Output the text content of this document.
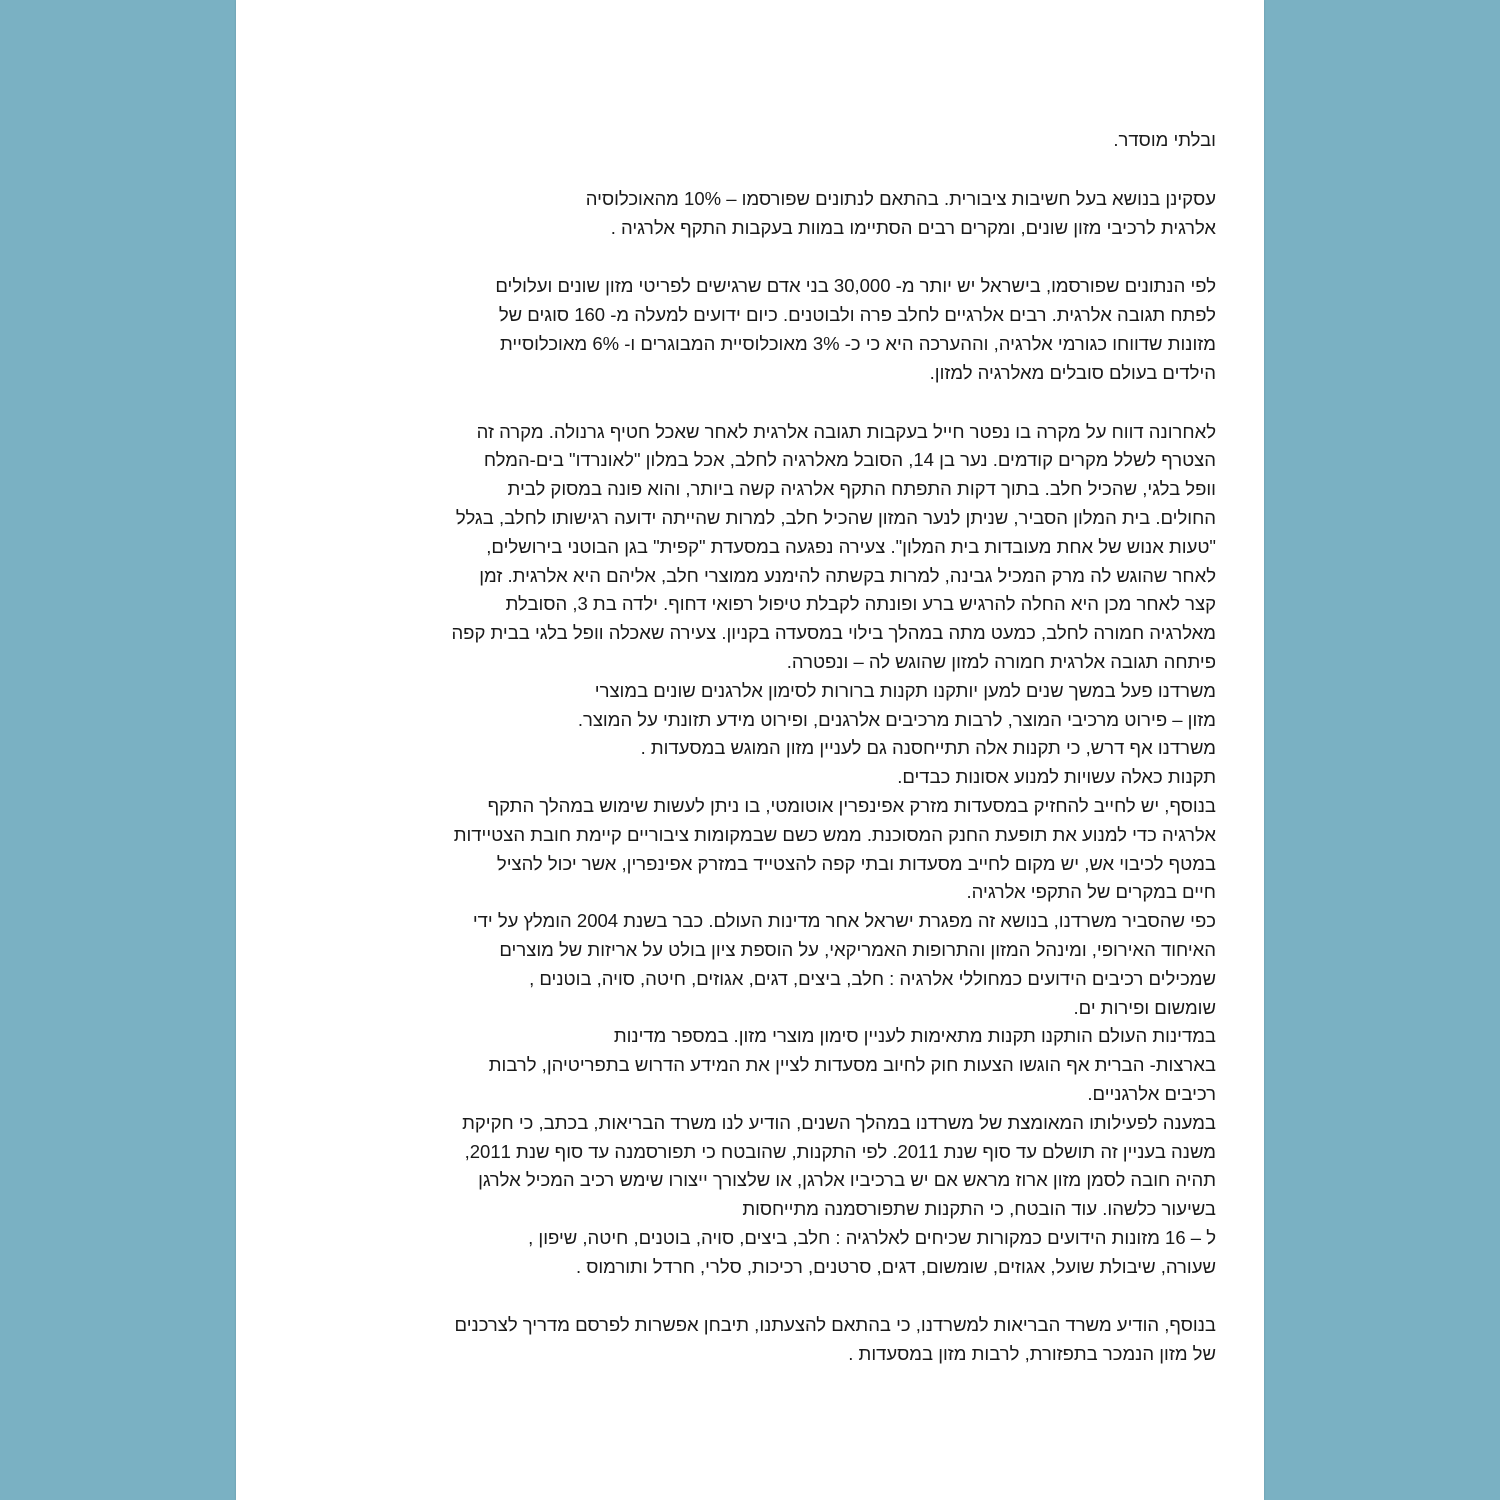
ובלתי מוסדר.
עסקינן בנושא בעל חשיבות ציבורית. בהתאם לנתונים שפורסמו – 10% מהאוכלוסיה
אלרגית לרכיבי מזון שונים, ומקרים רבים הסתיימו במוות בעקבות התקף אלרגיה .
לפי הנתונים שפורסמו, בישראל יש יותר מ- 30,000 בני אדם שרגישים לפריטי מזון שונים ועלולים
לפתח תגובה אלרגית. רבים אלרגיים לחלב פרה ולבוטנים. כיום ידועים למעלה מ- 160 סוגים של
מזונות שדווחו כגורמי אלרגיה, וההערכה היא כי כ- 3% מאוכלוסיית המבוגרים ו- 6% מאוכלוסיית
הילדים בעולם סובלים מאלרגיה למזון.
לאחרונה דווח על מקרה בו נפטר חייל בעקבות תגובה אלרגית לאחר שאכל חטיף גרנולה. מקרה זה
הצטרף לשלל מקרים קודמים. נער בן 14, הסובל מאלרגיה לחלב, אכל במלון "לאונרדו" בים-המלח
וופל בלגי, שהכיל חלב. בתוך דקות התפתח התקף אלרגיה קשה ביותר, והוא פונה במסוק לבית
החולים. בית המלון הסביר, שניתן לנער המזון שהכיל חלב, למרות שהייתה ידועה רגישותו לחלב, בגלל
"טעות אנוש של אחת מעובדות בית המלון". צעירה נפגעה במסעדת "קפית" בגן הבוטני בירושלים,
לאחר שהוגש לה מרק המכיל גבינה, למרות בקשתה להימנע ממוצרי חלב, אליהם היא אלרגית. זמן
קצר לאחר מכן היא החלה להרגיש ברע ופונתה לקבלת טיפול רפואי דחוף. ילדה בת 3, הסובלת
מאלרגיה חמורה לחלב, כמעט מתה במהלך בילוי במסעדה בקניון. צעירה שאכלה וופל בלגי בבית קפה
פיתחה תגובה אלרגית חמורה למזון שהוגש לה – ונפטרה.
משרדנו פעל במשך שנים למען יותקנו תקנות ברורות לסימון אלרגנים שונים במוצרי
מזון – פירוט מרכיבי המוצר, לרבות מרכיבים אלרגנים, ופירוט מידע תזונתי על המוצר.
משרדנו אף דרש, כי תקנות אלה תתייחסנה גם לעניין מזון המוגש במסעדות .
תקנות כאלה עשויות למנוע אסונות כבדים.
בנוסף, יש לחייב להחזיק במסעדות מזרק אפינפרין אוטומטי, בו ניתן לעשות שימוש במהלך התקף
אלרגיה כדי למנוע את תופעת החנק המסוכנת. ממש כשם שבמקומות ציבוריים קיימת חובת הצטיידות
במטף לכיבוי אש, יש מקום לחייב מסעדות ובתי קפה להצטייד במזרק אפינפרין, אשר יכול להציל
חיים במקרים של התקפי אלרגיה.
כפי שהסביר משרדנו, בנושא זה מפגרת ישראל אחר מדינות העולם. כבר בשנת 2004 הומלץ על ידי
האיחוד האירופי, ומינהל המזון והתרופות האמריקאי, על הוספת ציון בולט על אריזות של מוצרים
שמכילים רכיבים הידועים כמחוללי אלרגיה : חלב, ביצים, דגים, אגוזים, חיטה, סויה, בוטנים ,
שומשום ופירות ים.
במדינות העולם הותקנו תקנות מתאימות לעניין סימון מוצרי מזון. במספר מדינות
בארצות- הברית אף הוגשו הצעות חוק לחיוב מסעדות לציין את המידע הדרוש בתפריטיהן, לרבות
רכיבים אלרגניים.
במענה לפעילותו המאומצת של משרדנו במהלך השנים, הודיע לנו משרד הבריאות, בכתב, כי חקיקת
משנה בעניין זה תושלם עד סוף שנת 2011. לפי התקנות, שהובטח כי תפורסמנה עד סוף שנת 2011,
תהיה חובה לסמן מזון ארוז מראש אם יש ברכיביו אלרגן, או שלצורך ייצורו שימש רכיב המכיל אלרגן
בשיעור כלשהו. עוד הובטח, כי התקנות שתפורסמנה מתייחסות
ל – 16 מזונות הידועים כמקורות שכיחים לאלרגיה : חלב, ביצים, סויה, בוטנים, חיטה, שיפון ,
שעורה, שיבולת שועל, אגוזים, שומשום, דגים, סרטנים, רכיכות, סלרי, חרדל ותורמוס .
בנוסף, הודיע משרד הבריאות למשרדנו, כי בהתאם להצעתנו, תיבחן אפשרות לפרסם מדריך לצרכנים
של מזון הנמכר בתפזורת, לרבות מזון במסעדות .
